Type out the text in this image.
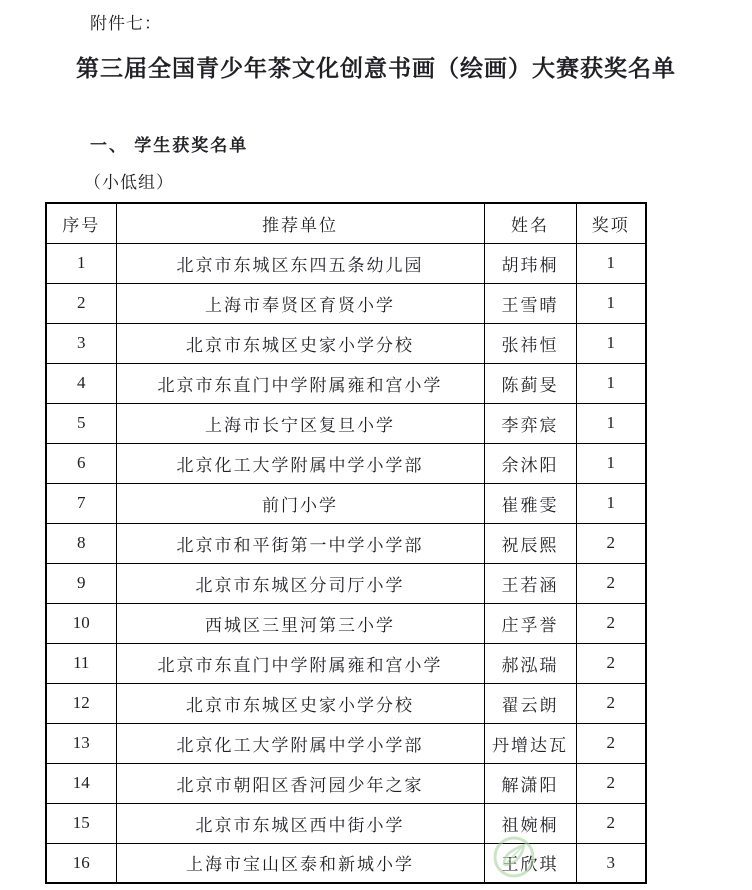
附件七：
第三届全国青少年茶文化创意书画（绘画）大赛获奖名单
一、 学生获奖名单
（小低组）
序号	推荐单位	姓名	奖项
1	北京市东城区东四五条幼儿园	胡玮桐	1
2	上海市奉贤区育贤小学	王雪晴	1
3	北京市东城区史家小学分校	张祎恒	1
4	北京市东直门中学附属雍和宫小学	陈蓟旻	1
5	上海市长宁区复旦小学	李弈宸	1
6	北京化工大学附属中学小学部	余沐阳	1
7	前门小学	崔雅雯	1
8	北京市和平街第一中学小学部	祝辰熙	2
9	北京市东城区分司厅小学	王若涵	2
10	西城区三里河第三小学	庄孚誉	2
11	北京市东直门中学附属雍和宫小学	郝泓瑞	2
12	北京市东城区史家小学分校	翟云朗	2
13	北京化工大学附属中学小学部	丹增达瓦	2
14	北京市朝阳区香河园少年之家	解潇阳	2
15	北京市东城区西中街小学	祖婉桐	2
16	上海市宝山区泰和新城小学	王欣琪	3
